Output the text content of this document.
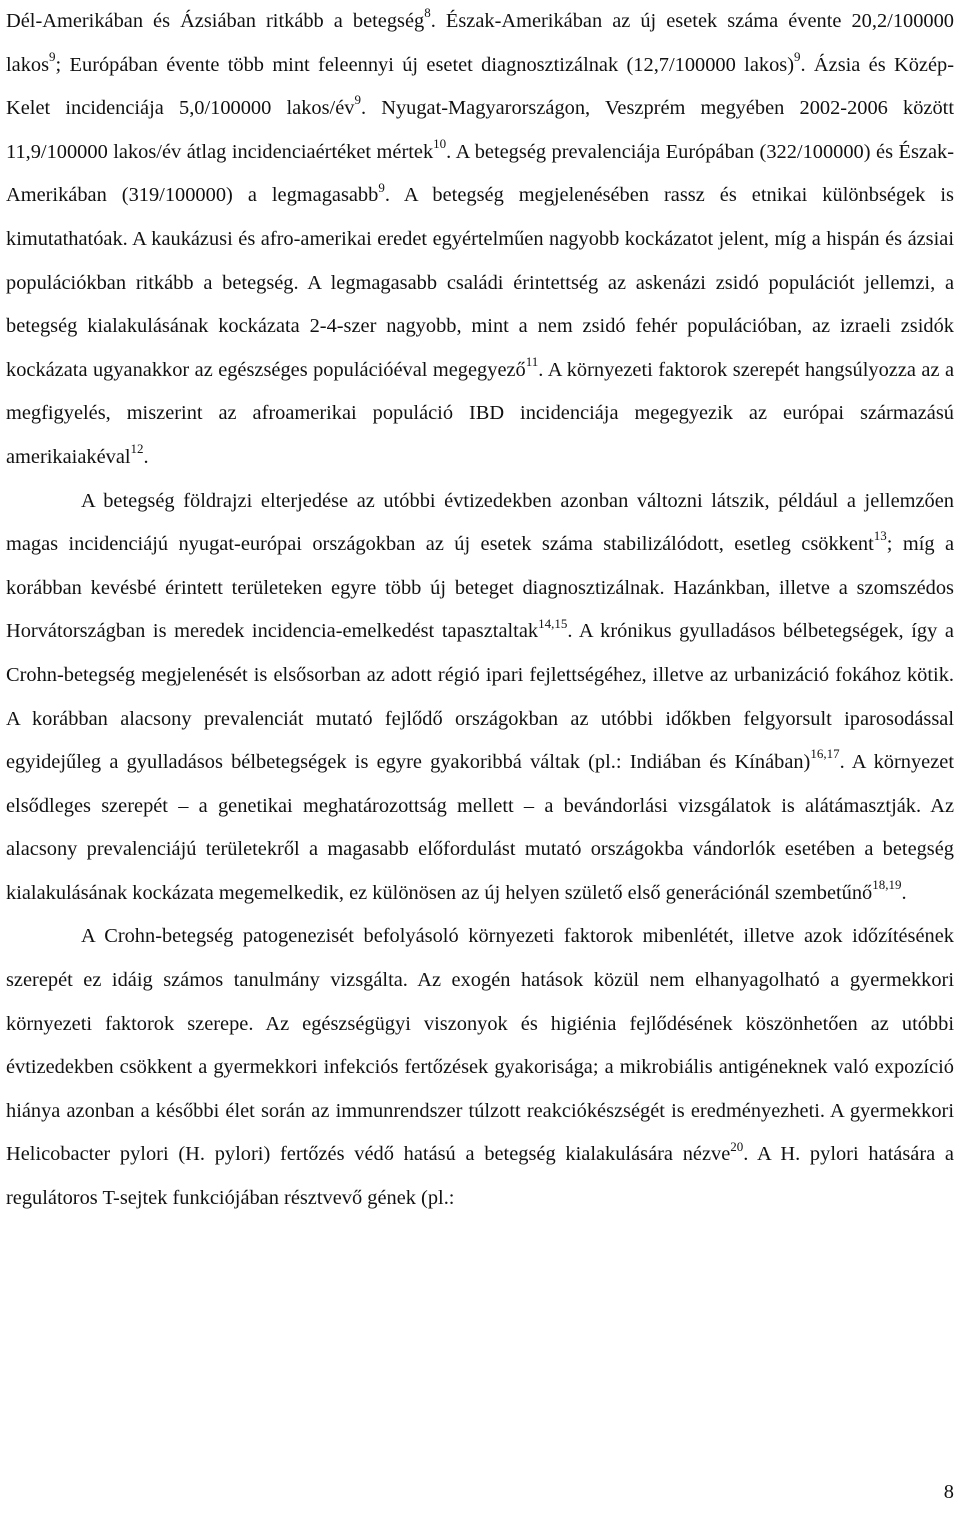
Dél-Amerikában és Ázsiában ritkább a betegség$^8$. Észak-Amerikában az új esetek száma évente 20,2/100000 lakos$^9$; Európában évente több mint feleennyi új esetet diagnosztizálnak (12,7/100000 lakos)$^9$. Ázsia és Közép-Kelet incidenciája 5,0/100000 lakos/$év^9$. Nyugat-Magyarországon, Veszprém megyében 2002-2006 között 11,9/100000 lakos/év átlag incidenciaértéket mértek$^{10}$. A betegség prevalenciája Európában (322/100000) és Észak-Amerikában (319/100000) a legmagasabb$^9$. A betegség megjelenésében rassz és etnikai különbségek is kimutathatóak. A kaukázusi és afro-amerikai eredet egyértelműen nagyobb kockázatot jelent, míg a hispán és ázsiai populációkban ritkább a betegség. A legmagasabb családi érintettség az askenázi zsidó populációt jellemzi, a betegség kialakulásának kockázata 2-4-szer nagyobb, mint a nem zsidó fehér populációban, az izraeli zsidók kockázata ugyanakkor az egészséges populációéval megegyező$^{11}$. A környezeti faktorok szerepét hangsúlyozza az a megfigyelés, miszerint az afroamerikai populáció IBD incidenciája megegyezik az európai származású amerikaiakéval$^{12}$.

A betegség földrajzi elterjedése az utóbbi évtizedekben azonban változni látszik, például a jellemzően magas incidenciájú nyugat-európai országokban az új esetek száma stabilizálódott, esetleg csökkent$^{13}$; míg a korábban kevésbé érintett területeken egyre több új beteget diagnosztizálnak. Hazánkban, illetve a szomszédos Horvátországban is meredek incidencia-emelkedést tapasztaltak$^{14,15}$. A krónikus gyulladásos bélbetegségek, így a Crohn-betegség megjelenését is elsősorban az adott régió ipari fejlettségéhez, illetve az urbanizáció fokához kötik. A korábban alacsony prevalenciát mutató fejlődő országokban az utóbbi időkben felgyorsult iparosodással egyidejűleg a gyulladásos bélbetegségek is egyre gyakoribbá váltak (pl.: Indiában és Kínában)$^{16,17}$. A környezet elsődleges szerepét – a genetikai meghatározottság mellett – a bevándorlási vizsgálatok is alátámasztják. Az alacsony prevalenciájú területekről a magasabb előfordulást mutató országokba vándorlók esetében a betegség kialakulásának kockázata megemelkedik, ez különösen az új helyen születő első generációnál szembetűnő$^{18,19}$.

A Crohn-betegség patogenezisét befolyásoló környezeti faktorok mibenlétét, illetve azok időzítésének szerepét ez idáig számos tanulmány vizsgálta. Az exogén hatások közül nem elhanyagolható a gyermekkori környezeti faktorok szerepe. Az egészségügyi viszonyok és higiénia fejlődésének köszönhetően az utóbbi évtizedekben csökkent a gyermekkori infekciós fertőzések gyakorisága; a mikrobiális antigéneknek való expozíció hiánya azonban a későbbi élet során az immunrendszer túlzott reakciókészségét is eredményezheti. A gyermekkori Helicobacter pylori (H. pylori) fertőzés védő hatású a betegség kialakulására nézve$^{20}$. A H. pylori hatására a regulátoros T-sejtek funkciójában résztvevő gének (pl.:

8
